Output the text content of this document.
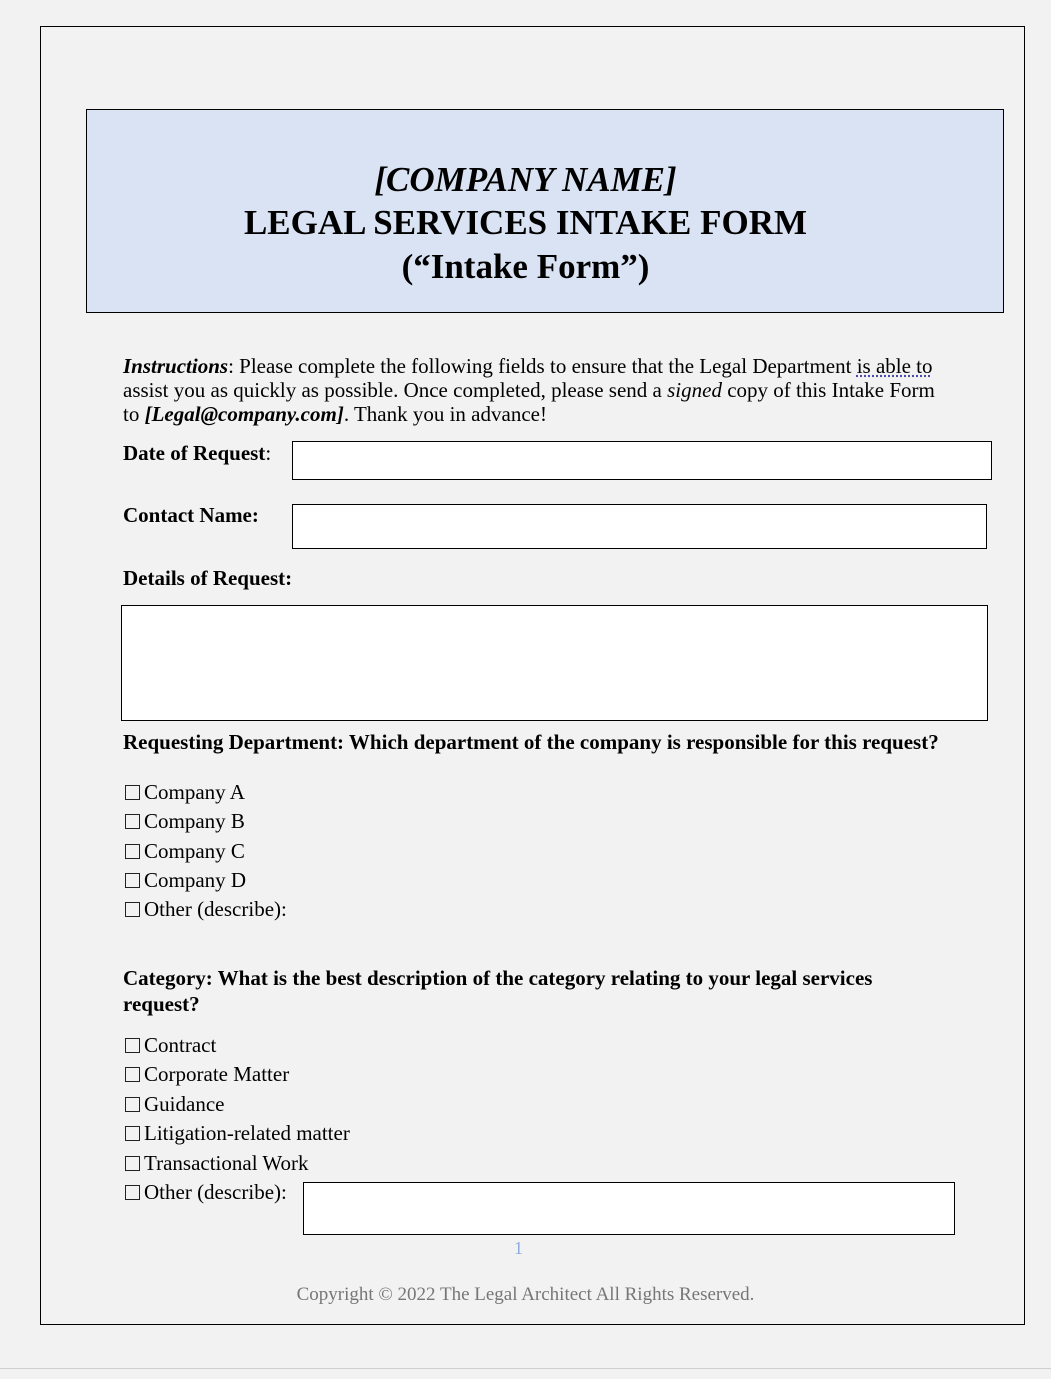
[COMPANY NAME]
LEGAL SERVICES INTAKE FORM
(“Intake Form”)
Instructions: Please complete the following fields to ensure that the Legal Department is able to assist you as quickly as possible. Once completed, please send a signed copy of this Intake Form to [Legal@company.com]. Thank you in advance!
Date of Request:
Contact Name:
Details of Request:
Requesting Department: Which department of the company is responsible for this request?
Company A
Company B
Company C
Company D
Other (describe):
Category: What is the best description of the category relating to your legal services
request?
Contract
Corporate Matter
Guidance
Litigation-related matter
Transactional Work
Other (describe):
1
Copyright © 2022 The Legal Architect All Rights Reserved.
